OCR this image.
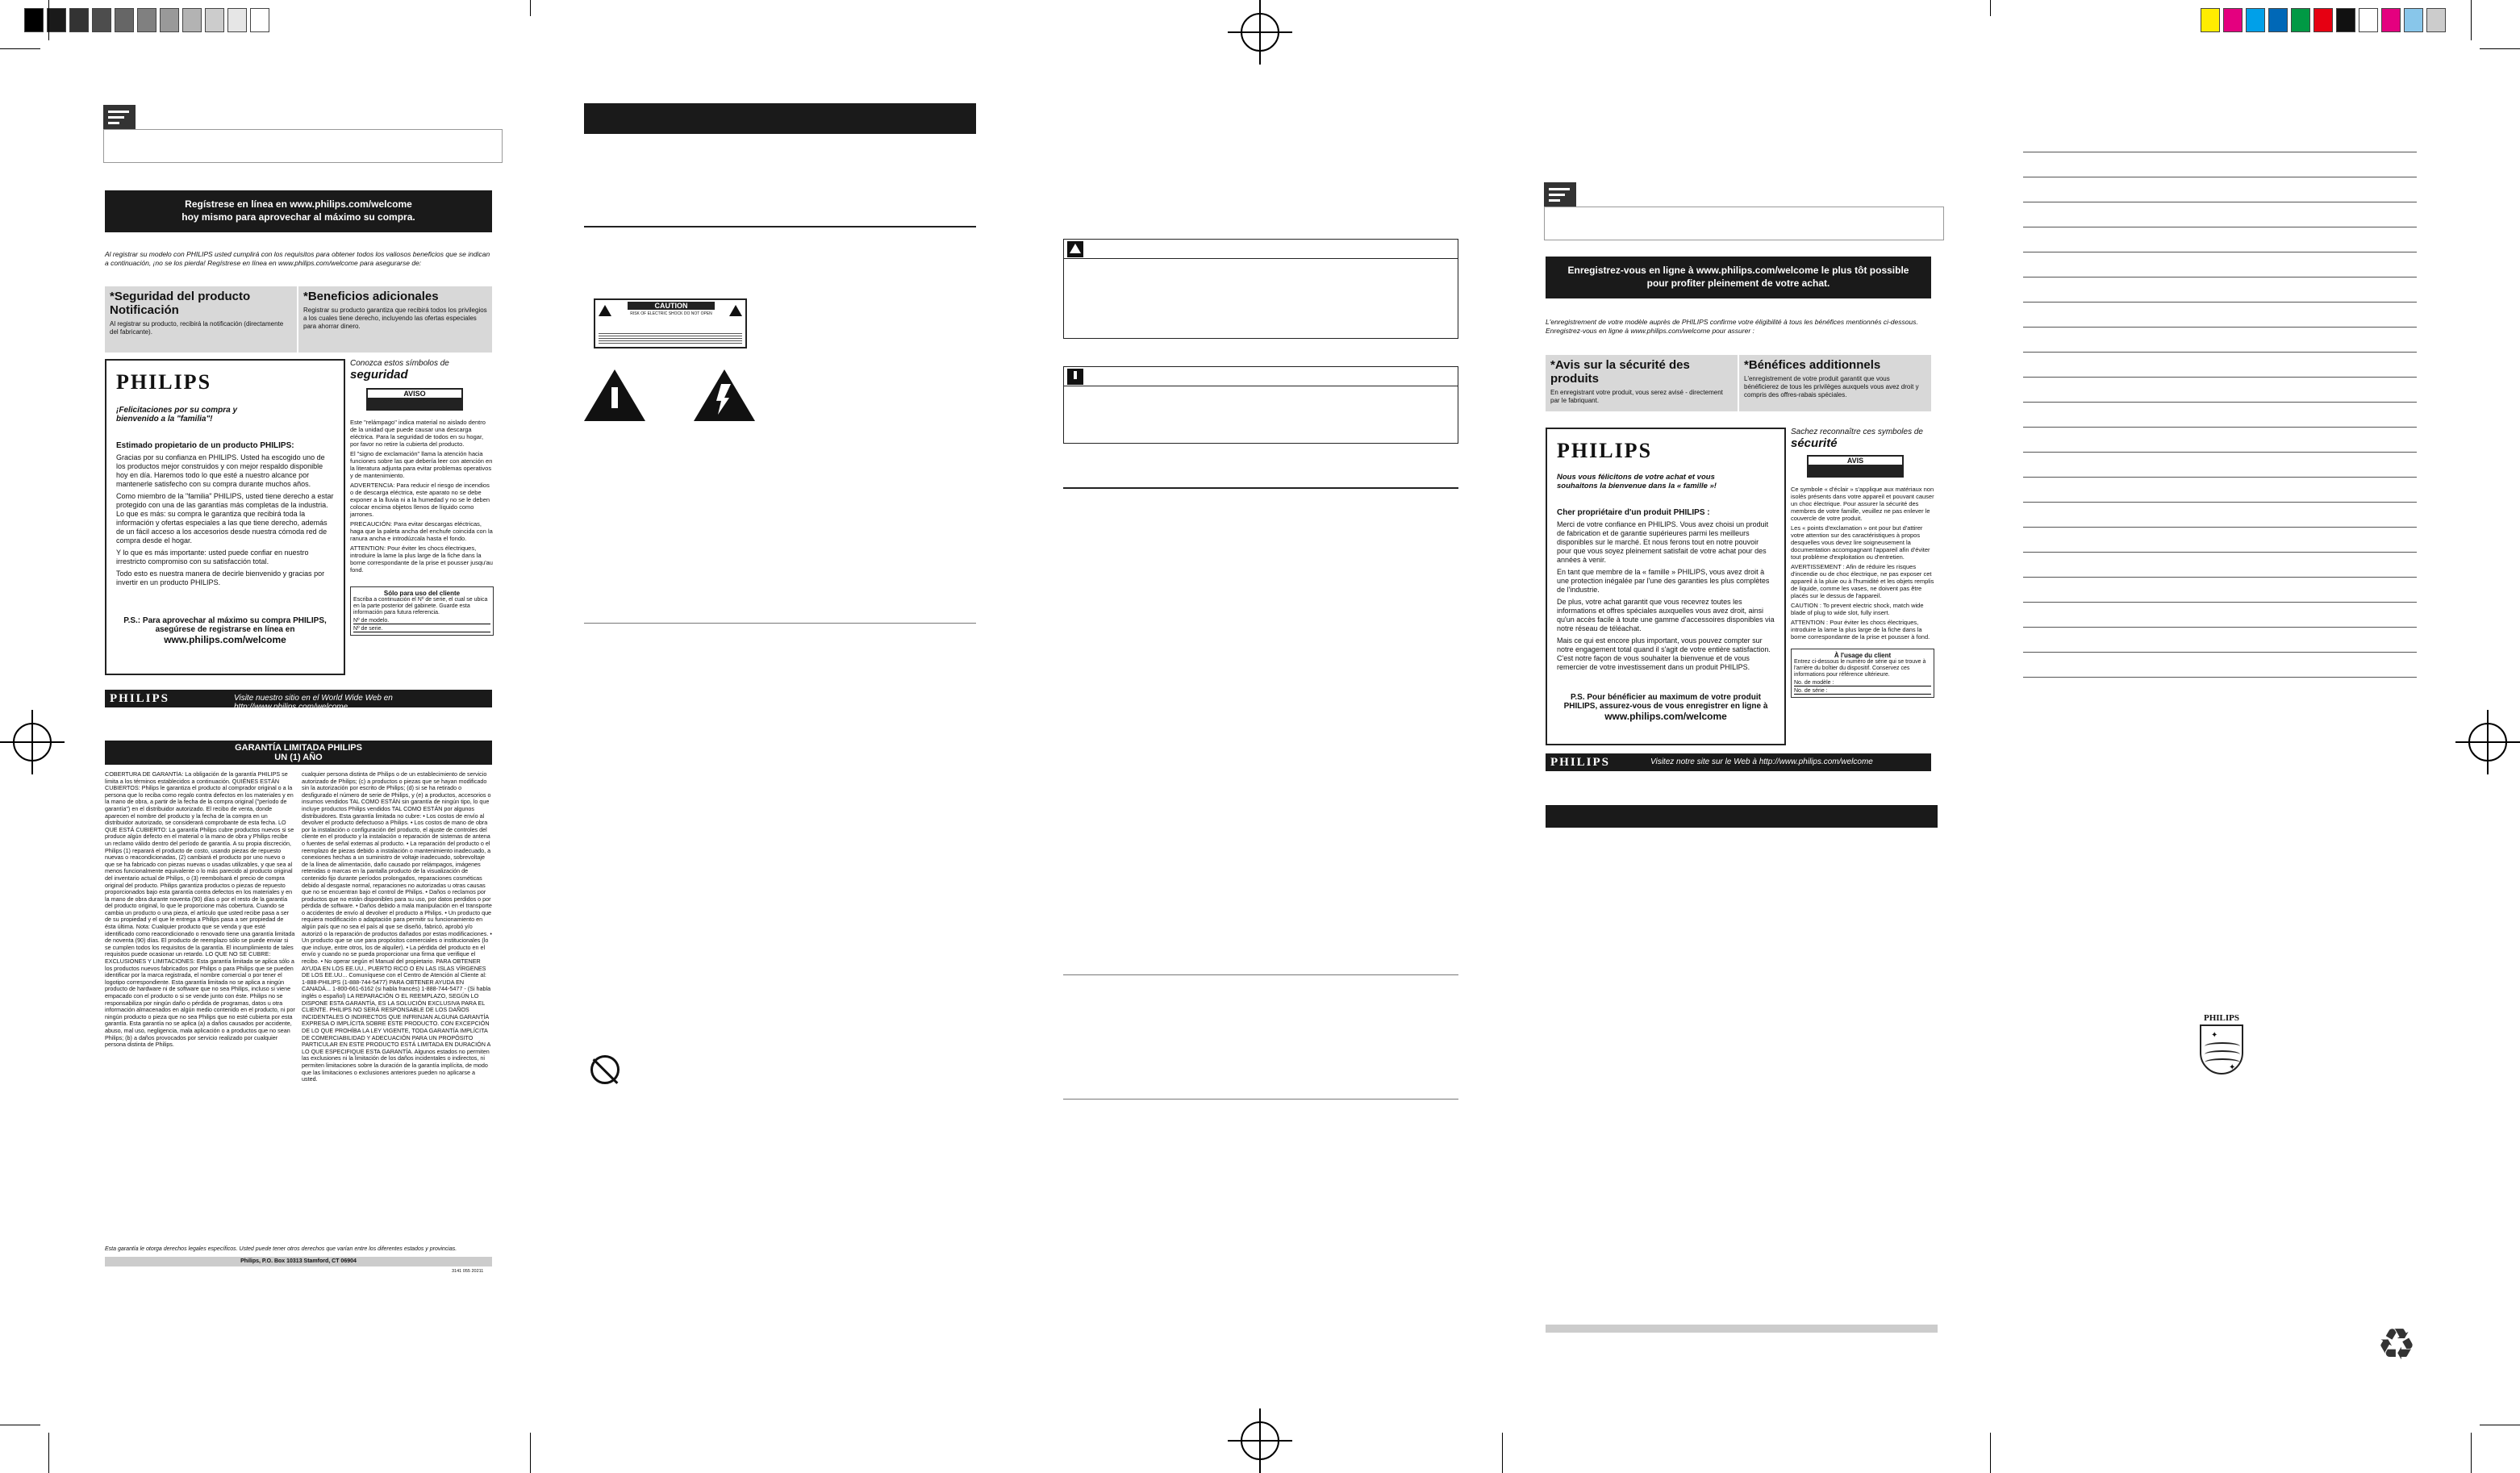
Regístrese en línea en www.philips.com/welcome
hoy mismo para aprovechar al máximo su compra.
Al registrar su modelo con PHILIPS usted cumplirá con los requisitos para obtener todos los valiosos beneficios que se indican a continuación, ¡no se los pierda! Regístrese en línea en www.philips.com/welcome para asegurarse de:
*Seguridad del producto Notificación

Al registrar su producto, recibirá la notificación (directamente del fabricante).

*Beneficios adicionales

Registrar su producto garantiza que recibirá todos los privilegios a los cuales tiene derecho, incluyendo las ofertas especiales para ahorrar dinero.

PHILIPS
¡Felicitaciones por su compra y bienvenido a la "familia"!
Estimado propietario de un producto PHILIPS:

Gracias por su confianza en PHILIPS. Usted ha escogido uno de los productos mejor construidos y con mejor respaldo disponible hoy en día. Haremos todo lo que esté a nuestro alcance por mantenerle satisfecho con su compra durante muchos años.

Como miembro de la "familia" PHILIPS, usted tiene derecho a estar protegido con una de las garantías más completas de la industria. Lo que es más: su compra le garantiza que recibirá toda la información y ofertas especiales a las que tiene derecho, además de un fácil acceso a los accesorios desde nuestra cómoda red de compra desde el hogar.

Y lo que es más importante: usted puede confiar en nuestro irrestricto compromiso con su satisfacción total.

Todo esto es nuestra manera de decirle bienvenido y gracias por invertir en un producto PHILIPS.

P.S.: Para aprovechar al máximo su compra PHILIPS, asegúrese de registrarse en línea en
www.philips.com/welcome
Conozca estos símbolos de seguridad
AVISO

Este "relámpago" indica material no aislado dentro de la unidad que puede causar una descarga eléctrica. Para la seguridad de todos en su hogar, por favor no retire la cubierta del producto.

El "signo de exclamación" llama la atención hacia funciones sobre las que debería leer con atención en la literatura adjunta para evitar problemas operativos y de mantenimiento.

ADVERTENCIA: Para reducir el riesgo de incendios o de descarga eléctrica, este aparato no se debe exponer a la lluvia ni a la humedad y no se le deben colocar encima objetos llenos de líquido como jarrones.

PRECAUCIÓN: Para evitar descargas eléctricas, haga que la paleta ancha del enchufe coincida con la ranura ancha e introdúzcala hasta el fondo.

ATTENTION: Pour éviter les chocs électriques, introduire la lame la plus large de la fiche dans la borne correspondante de la prise et pousser jusqu'au fond.

Sólo para uso del cliente

Escriba a continuación el Nº de serie, el cual se ubica en la parte posterior del gabinete. Guarde esta información para futura referencia.

Nº de modelo.
Nº de serie.
PHILIPS	Visite nuestro sitio en el World Wide Web en http://www.philips.com/welcome
GARANTÍA LIMITADA PHILIPS
UN (1) AÑO
COBERTURA DE GARANTÍA: La obligación de la garantía PHILIPS se limita a los términos establecidos a continuación. QUIÉNES ESTÁN CUBIERTOS: Philips le garantiza el producto al comprador original o a la persona que lo reciba como regalo contra defectos en los materiales y en la mano de obra, a partir de la fecha de la compra original ("período de garantía") en el distribuidor autorizado. El recibo de venta, donde aparecen el nombre del producto y la fecha de la compra en un distribuidor autorizado, se considerará comprobante de esta fecha. LO QUE ESTÁ CUBIERTO: La garantía Philips cubre productos nuevos si se produce algún defecto en el material o la mano de obra y Philips recibe un reclamo válido dentro del período de garantía. A su propia discreción, Philips (1) reparará el producto de costo, usando piezas de repuesto nuevas o reacondicionadas, (2) cambiará el producto por uno nuevo o que se ha fabricado con piezas nuevas o usadas utilizables, y que sea al menos funcionalmente equivalente o lo más parecido al producto original del inventario actual de Philips, o (3) reembolsará el precio de compra original del producto. Philips garantiza productos o piezas de repuesto proporcionados bajo esta garantía contra defectos en los materiales y en la mano de obra durante noventa (90) días o por el resto de la garantía del producto original, lo que le proporcione más cobertura. Cuando se cambia un producto o una pieza, el artículo que usted recibe pasa a ser de su propiedad y el que le entrega a Philips pasa a ser propiedad de ésta última. Nota: Cualquier producto que se venda y que esté identificado como reacondicionado o renovado tiene una garantía limitada de noventa (90) días. El producto de reemplazo sólo se puede enviar si se cumplen todos los requisitos de la garantía. El incumplimiento de tales requisitos puede ocasionar un retardo. LO QUE NO SE CUBRE: EXCLUSIONES Y LIMITACIONES: Esta garantía limitada se aplica sólo a los productos nuevos fabricados por Philips o para Philips que se pueden identificar por la marca registrada, el nombre comercial o por tener el logotipo correspondiente. Esta garantía limitada no se aplica a ningún producto de hardware ni de software que no sea Philips, incluso si viene empacado con el producto o si se vende junto con éste. Philips no se responsabiliza por ningún daño o pérdida de programas, datos u otra información almacenados en algún medio contenido en el producto, ni por ningún producto o pieza que no sea Philips que no esté cubierta por esta garantía. Esta garantía no se aplica (a) a daños causados por accidente, abuso, mal uso, negligencia, mala aplicación o a productos que no sean Philips; (b) a daños provocados por servicio realizado por cualquier persona distinta de Philips.
cualquier persona distinta de Philips o de un establecimiento de servicio autorizado de Philips; (c) a productos o piezas que se hayan modificado sin la autorización por escrito de Philips; (d) si se ha retirado o desfigurado el número de serie de Philips, y (e) a productos, accesorios o insumos vendidos TAL COMO ESTÁN sin garantía de ningún tipo, lo que incluye productos Philips vendidos TAL COMO ESTÁN por algunos distribuidores. Esta garantía limitada no cubre: • Los costos de envío al devolver el producto defectuoso a Philips. • Los costos de mano de obra por la instalación o configuración del producto, el ajuste de controles del cliente en el producto y la instalación o reparación de sistemas de antena o fuentes de señal externas al producto. • La reparación del producto o el reemplazo de piezas debido a instalación o mantenimiento inadecuado, a conexiones hechas a un suministro de voltaje inadecuado, sobrevoltaje de la línea de alimentación, daño causado por relámpagos, imágenes retenidas o marcas en la pantalla producto de la visualización de contenido fijo durante períodos prolongados, reparaciones cosméticas debido al desgaste normal, reparaciones no autorizadas u otras causas que no se encuentran bajo el control de Philips. • Daños o reclamos por productos que no están disponibles para su uso, por datos perdidos o por pérdida de software. • Daños debido a mala manipulación en el transporte o accidentes de envío al devolver el producto a Philips. • Un producto que requiera modificación o adaptación para permitir su funcionamiento en algún país que no sea el país al que se diseñó, fabricó, aprobó y/o autorizó o la reparación de productos dañados por estas modificaciones. • Un producto que se use para propósitos comerciales o institucionales (lo que incluye, entre otros, los de alquiler). • La pérdida del producto en el envío y cuando no se pueda proporcionar una firma que verifique el recibo. • No operar según el Manual del propietario. PARA OBTENER AYUDA EN LOS EE.UU., PUERTO RICO O EN LAS ISLAS VÍRGENES DE LOS EE.UU... Comuníquese con el Centro de Atención al Cliente al: 1-888-PHILIPS (1-888-744-5477) PARA OBTENER AYUDA EN CANADÁ... 1-800-661-6162 (si habla francés) 1-888-744-5477 - (Si habla inglés o español) LA REPARACIÓN O EL REEMPLAZO, SEGÚN LO DISPONE ESTA GARANTÍA, ES LA SOLUCIÓN EXCLUSIVA PARA EL CLIENTE. PHILIPS NO SERÁ RESPONSABLE DE LOS DAÑOS INCIDENTALES O INDIRECTOS QUE INFRINJAN ALGUNA GARANTÍA EXPRESA O IMPLÍCITA SOBRE ESTE PRODUCTO. CON EXCEPCIÓN DE LO QUE PROHÍBA LA LEY VIGENTE, TODA GARANTÍA IMPLÍCITA DE COMERCIABILIDAD Y ADECUACIÓN PARA UN PROPÓSITO PARTICULAR EN ESTE PRODUCTO ESTÁ LIMITADA EN DURACIÓN A LO QUE ESPECIFIQUE ESTA GARANTÍA. Algunos estados no permiten las exclusiones ni la limitación de los daños incidentales o indirectos, ni permiten limitaciones sobre la duración de la garantía implícita, de modo que las limitaciones o exclusiones anteriores pueden no aplicarse a usted.
Esta garantía le otorga derechos legales específicos. Usted puede tener otros derechos que varían entre los diferentes estados y provincias.
Philips, P.O. Box 10313 Stamford, CT 06904
3141 055 20211
CAUTION
RISK OF ELECTRIC SHOCK DO NOT OPEN
Enregistrez-vous en ligne à www.philips.com/welcome le plus tôt possible
pour profiter pleinement de votre achat.
L'enregistrement de votre modèle auprès de PHILIPS confirme votre éligibilité à tous les bénéfices mentionnés ci-dessous. Enregistrez-vous en ligne à www.philips.com/welcome pour assurer :
*Avis sur la sécurité des produits

En enregistrant votre produit, vous serez avisé - directement par le fabriquant.

*Bénéfices additionnels

L'enregistrement de votre produit garantit que vous bénéficierez de tous les privilèges auxquels vous avez droit y compris des offres-rabais spéciales.

PHILIPS
Nous vous félicitons de votre achat et vous souhaitons la bienvenue dans la « famille »!
Cher propriétaire d'un produit PHILIPS :

Merci de votre confiance en PHILIPS. Vous avez choisi un produit de fabrication et de garantie supérieures parmi les meilleurs disponibles sur le marché. Et nous ferons tout en notre pouvoir pour que vous soyez pleinement satisfait de votre achat pour des années à venir.

En tant que membre de la « famille » PHILIPS, vous avez droit à une protection inégalée par l'une des garanties les plus complètes de l'industrie.

De plus, votre achat garantit que vous recevrez toutes les informations et offres spéciales auxquelles vous avez droit, ainsi qu'un accès facile à toute une gamme d'accessoires disponibles via notre réseau de téléachat.

Mais ce qui est encore plus important, vous pouvez compter sur notre engagement total quand il s'agit de votre entière satisfaction. C'est notre façon de vous souhaiter la bienvenue et de vous remercier de votre investissement dans un produit PHILIPS.

P.S. Pour bénéficier au maximum de votre produit PHILIPS, assurez-vous de vous enregistrer en ligne à
www.philips.com/welcome
Sachez reconnaître ces symboles de
sécurité
AVIS

Ce symbole « d'éclair » s'applique aux matériaux non isolés présents dans votre appareil et pouvant causer un choc électrique. Pour assurer la sécurité des membres de votre famille, veuillez ne pas enlever le couvercle de votre produit.

Les « points d'exclamation » ont pour but d'attirer votre attention sur des caractéristiques à propos desquelles vous devez lire soigneusement la documentation accompagnant l'appareil afin d'éviter tout problème d'exploitation ou d'entretien.

AVERTISSEMENT : Afin de réduire les risques d'incendie ou de choc électrique, ne pas exposer cet appareil à la pluie ou à l'humidité et les objets remplis de liquide, comme les vases, ne doivent pas être placés sur le dessus de l'appareil.

CAUTION : To prevent electric shock, match wide blade of plug to wide slot, fully insert.

ATTENTION : Pour éviter les chocs électriques, introduire la lame la plus large de la fiche dans la borne correspondante de la prise et pousser à fond.

À l'usage du client

Entrez ci-dessous le numéro de série qui se trouve à l'arrière du boîtier du dispositif. Conservez ces informations pour référence ultérieure.

No. de modèle :
No. de série :
PHILIPS	Visitez notre site sur le Web à http://www.philips.com/welcome
PHILIPS
✦
✦
♻
